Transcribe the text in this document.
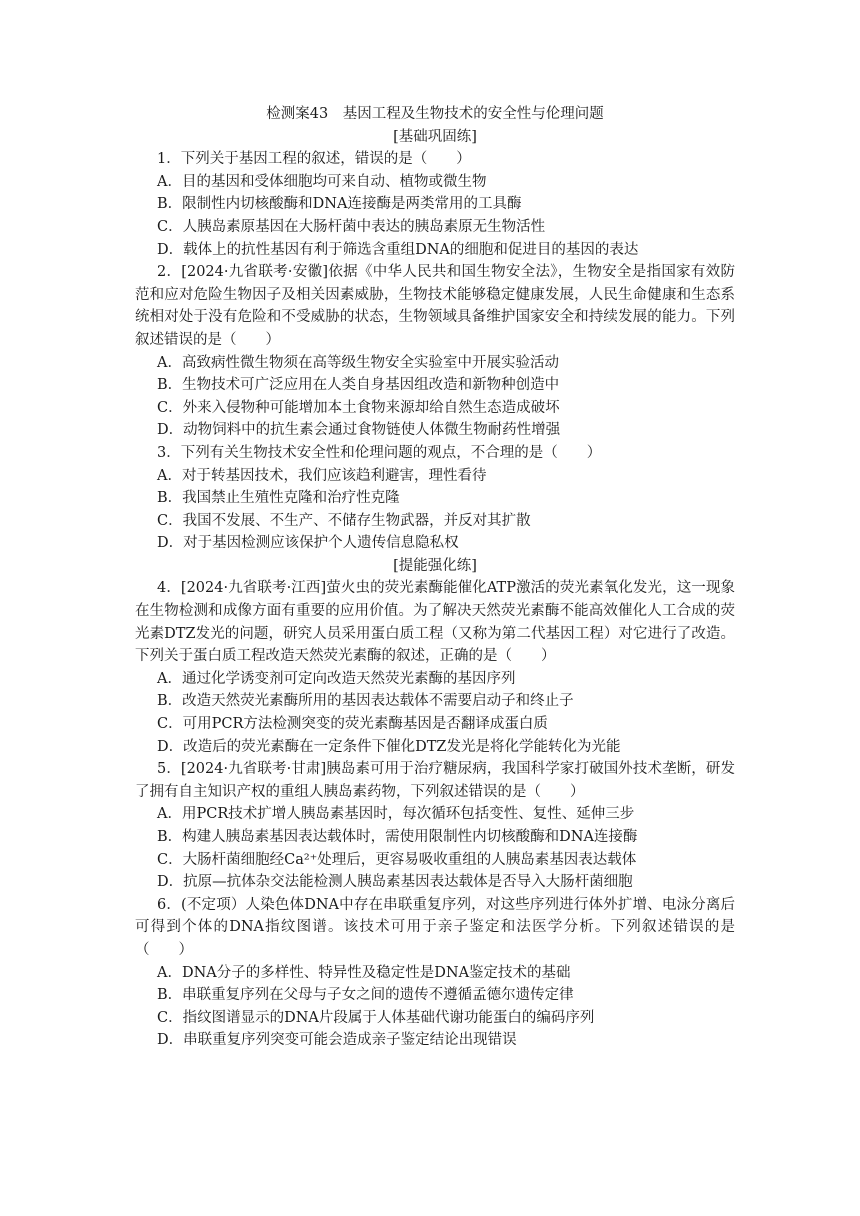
检测案43　基因工程及生物技术的安全性与伦理问题
[基础巩固练]
1．下列关于基因工程的叙述，错误的是（　　）
A．目的基因和受体细胞均可来自动、植物或微生物
B．限制性内切核酸酶和DNA连接酶是两类常用的工具酶
C．人胰岛素原基因在大肠杆菌中表达的胰岛素原无生物活性
D．载体上的抗性基因有利于筛选含重组DNA的细胞和促进目的基因的表达
2．[2024·九省联考·安徽]依据《中华人民共和国生物安全法》，生物安全是指国家有效防范和应对危险生物因子及相关因素威胁，生物技术能够稳定健康发展，人民生命健康和生态系统相对处于没有危险和不受威胁的状态，生物领域具备维护国家安全和持续发展的能力。下列叙述错误的是（　　）
A．高致病性微生物须在高等级生物安全实验室中开展实验活动
B．生物技术可广泛应用在人类自身基因组改造和新物种创造中
C．外来入侵物种可能增加本土食物来源却给自然生态造成破坏
D．动物饲料中的抗生素会通过食物链使人体微生物耐药性增强
3．下列有关生物技术安全性和伦理问题的观点，不合理的是（　　）
A．对于转基因技术，我们应该趋利避害，理性看待
B．我国禁止生殖性克隆和治疗性克隆
C．我国不发展、不生产、不储存生物武器，并反对其扩散
D．对于基因检测应该保护个人遗传信息隐私权
[提能强化练]
4．[2024·九省联考·江西]萤火虫的荧光素酶能催化ATP激活的荧光素氧化发光，这一现象在生物检测和成像方面有重要的应用价值。为了解决天然荧光素酶不能高效催化人工合成的荧光素DTZ发光的问题，研究人员采用蛋白质工程（又称为第二代基因工程）对它进行了改造。下列关于蛋白质工程改造天然荧光素酶的叙述，正确的是（　　）
A．通过化学诱变剂可定向改造天然荧光素酶的基因序列
B．改造天然荧光素酶所用的基因表达载体不需要启动子和终止子
C．可用PCR方法检测突变的荧光素酶基因是否翻译成蛋白质
D．改造后的荧光素酶在一定条件下催化DTZ发光是将化学能转化为光能
5．[2024·九省联考·甘肃]胰岛素可用于治疗糖尿病，我国科学家打破国外技术垄断，研发了拥有自主知识产权的重组人胰岛素药物，下列叙述错误的是（　　）
A．用PCR技术扩增人胰岛素基因时，每次循环包括变性、复性、延伸三步
B．构建人胰岛素基因表达载体时，需使用限制性内切核酸酶和DNA连接酶
C．大肠杆菌细胞经Ca²⁺处理后，更容易吸收重组的人胰岛素基因表达载体
D．抗原—抗体杂交法能检测人胰岛素基因表达载体是否导入大肠杆菌细胞
6．(不定项）人染色体DNA中存在串联重复序列，对这些序列进行体外扩增、电泳分离后可得到个体的DNA指纹图谱。该技术可用于亲子鉴定和法医学分析。下列叙述错误的是（　　）
A．DNA分子的多样性、特异性及稳定性是DNA鉴定技术的基础
B．串联重复序列在父母与子女之间的遗传不遵循孟德尔遗传定律
C．指纹图谱显示的DNA片段属于人体基础代谢功能蛋白的编码序列
D．串联重复序列突变可能会造成亲子鉴定结论出现错误
